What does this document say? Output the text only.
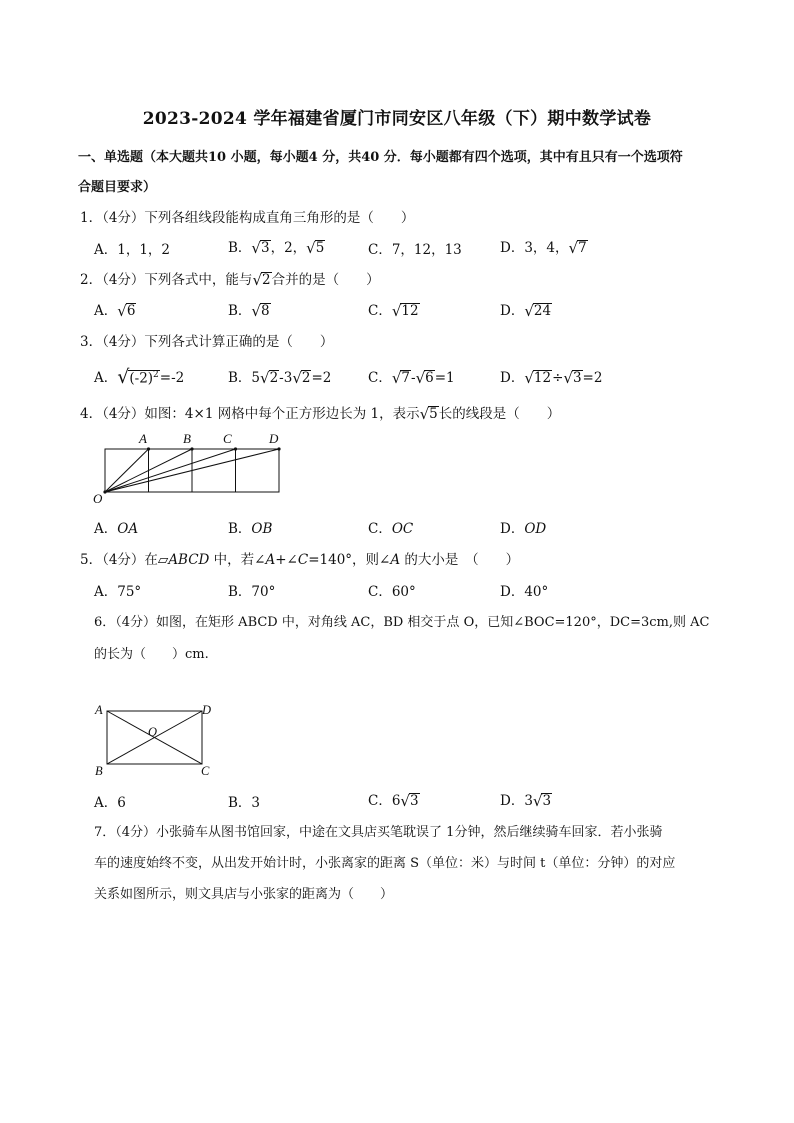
2023-2024 学年福建省厦门市同安区八年级（下）期中数学试卷
一、单选题（本大题共10 小题，每小题4 分，共40 分．每小题都有四个选项，其中有且只有一个选项符
合题目要求）
1．（4分）下列各组线段能构成直角三角形的是（　　）
A．1，1，2	B．√3，2，√5	C．7，12，13	D．3，4，√7
2．（4分）下列各式中，能与√2合并的是（　　）
A．√6	B．√8	C．√12	D．√24
3．（4分）下列各式计算正确的是（　　）
A．$√(-2)^2=-2$	B．5√2-3√2=2	C．√7-√6=1	D．√12÷√3=2
4．（4分）如图：4×1 网格中每个正方形边长为 1，表示√5长的线段是（　　）
A	B C	D
O
A．OA	B．OB	C．OC	D．OD
5．（4分）在▱ABCD 中，若∠A+∠C=140°，则∠A 的大小是　（　　）
A．75°	B．70°	C．60°	D．40°
6．（4分）如图，在矩形 ABCD 中，对角线 AC，BD 相交于点 O，已知∠BOC=120°，DC=3cm,则 AC
的长为（　　）cm.
A	D
B	C
O
A．6	B．3	C．6√3	D．3√3
7．（4分）小张骑车从图书馆回家，中途在文具店买笔耽误了 1分钟，然后继续骑车回家．若小张骑
车的速度始终不变，从出发开始计时，小张离家的距离 S（单位：米）与时间 t（单位：分钟）的对应
关系如图所示，则文具店与小张家的距离为（　　）
